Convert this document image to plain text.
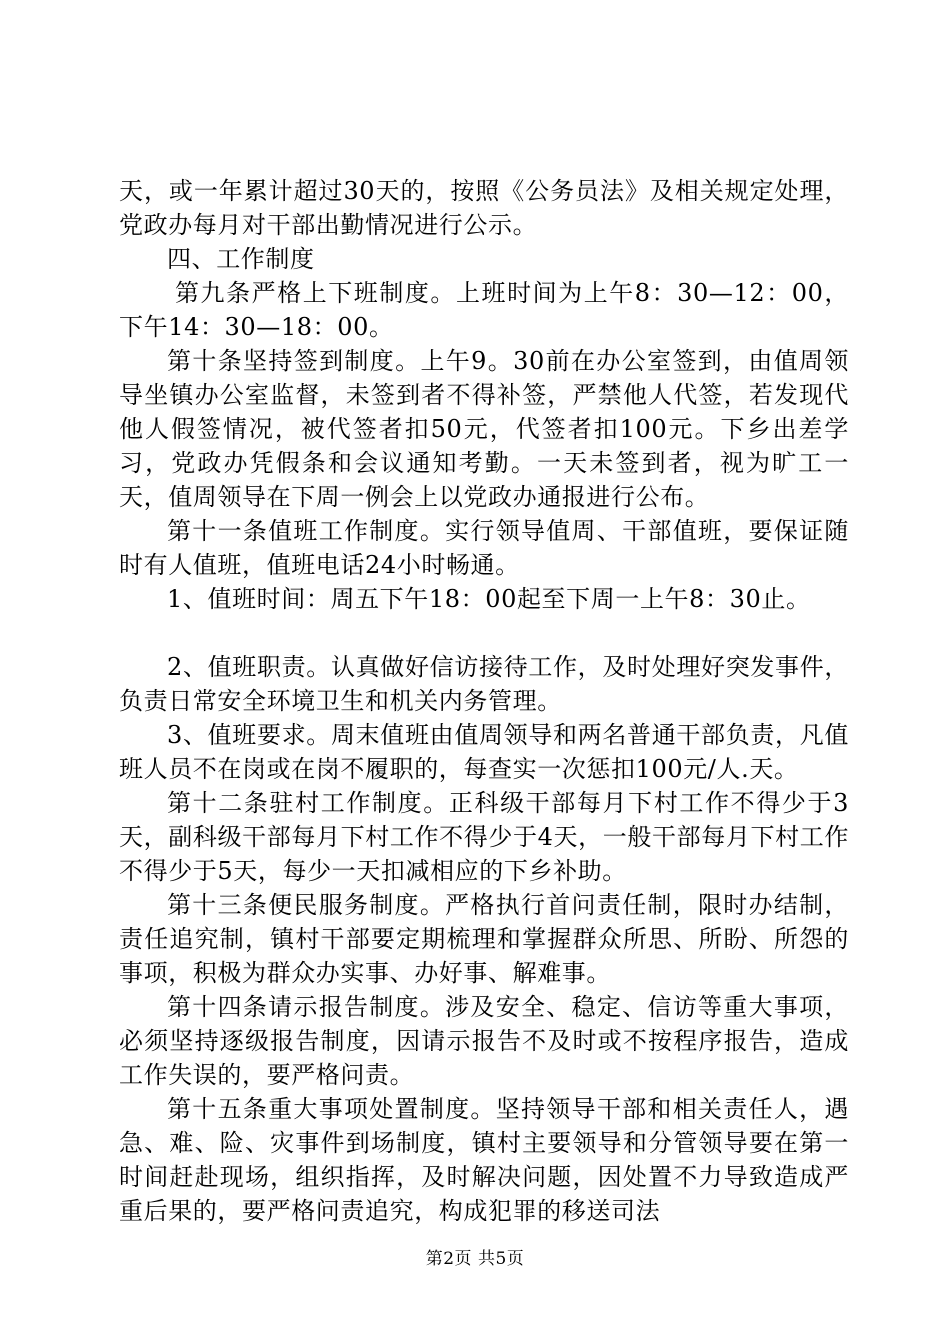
天，或一年累计超过30天的，按照《公务员法》及相关规定处理，党政办每月对干部出勤情况进行公示。

四、工作制度

第九条严格上下班制度。上班时间为上午8：30—12：00，下午14：30—18：00。

第十条坚持签到制度。上午9。30前在办公室签到，由值周领导坐镇办公室监督，未签到者不得补签，严禁他人代签，若发现代他人假签情况，被代签者扣50元，代签者扣100元。下乡出差学习，党政办凭假条和会议通知考勤。一天未签到者，视为旷工一天，值周领导在下周一例会上以党政办通报进行公布。

第十一条值班工作制度。实行领导值周、干部值班，要保证随时有人值班，值班电话24小时畅通。

1、值班时间：周五下午18：00起至下周一上午8：30止。

2、值班职责。认真做好信访接待工作，及时处理好突发事件，负责日常安全环境卫生和机关内务管理。

3、值班要求。周末值班由值周领导和两名普通干部负责，凡值班人员不在岗或在岗不履职的，每查实一次惩扣100元/人.天。

第十二条驻村工作制度。正科级干部每月下村工作不得少于3天，副科级干部每月下村工作不得少于4天，一般干部每月下村工作不得少于5天，每少一天扣减相应的下乡补助。

第十三条便民服务制度。严格执行首问责任制，限时办结制，责任追究制，镇村干部要定期梳理和掌握群众所思、所盼、所怨的事项，积极为群众办实事、办好事、解难事。

第十四条请示报告制度。涉及安全、稳定、信访等重大事项，必须坚持逐级报告制度，因请示报告不及时或不按程序报告，造成工作失误的，要严格问责。

第十五条重大事项处置制度。坚持领导干部和相关责任人，遇急、难、险、灾事件到场制度，镇村主要领导和分管领导要在第一时间赶赴现场，组织指挥，及时解决问题，因处置不力导致造成严重后果的，要严格问责追究，构成犯罪的移送司法

第2页 共5页
